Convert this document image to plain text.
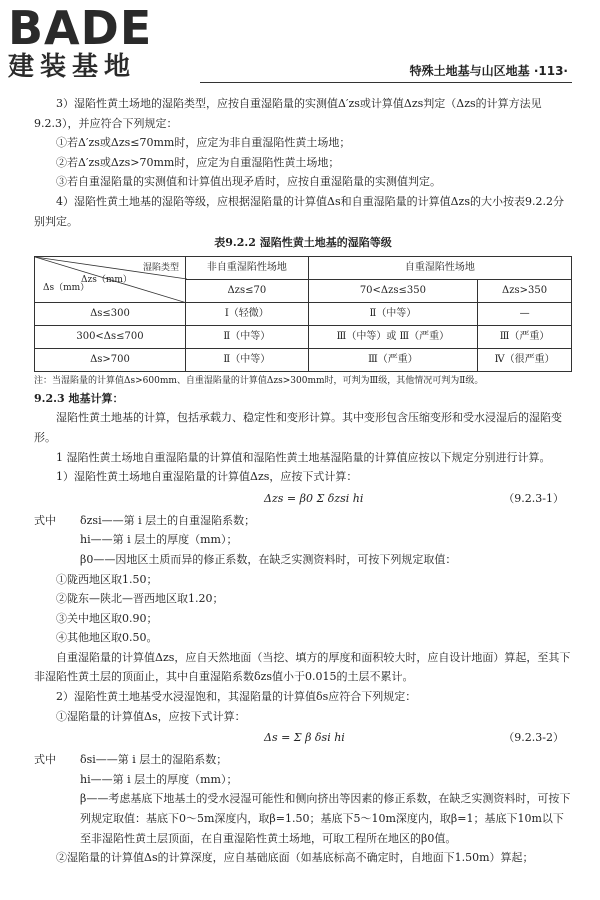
BADE
建装基地	特殊土地基与山区地基 ·113·

3）湿陷性黄土场地的湿陷类型，应按自重湿陷量的实测值Δ′zs或计算值Δzs判定（Δzs的计算方法见9.2.3），并应符合下列规定：

①若Δ′zs或Δzs≤70mm时，应定为非自重湿陷性黄土场地；

②若Δ′zs或Δzs>70mm时，应定为自重湿陷性黄土场地；

③若自重湿陷量的实测值和计算值出现矛盾时，应按自重湿陷量的实测值判定。

4）湿陷性黄土地基的湿陷等级，应根据湿陷量的计算值Δs和自重湿陷量的计算值Δzs的大小按表9.2.2分别判定。

表9.2.2 湿陷性黄土地基的湿陷等级
湿陷类型
Δzs（mm）
Δs（mm）	非自重湿陷性场地	自重湿陷性场地	
	Δzs≤70	70<Δzs≤350	Δzs>350
Δs≤300	Ⅰ（轻微）	Ⅱ（中等）	—
300<Δs≤700	Ⅱ（中等）	Ⅲ（中等）或 Ⅲ（严重）	Ⅲ（严重）
Δs>700	Ⅱ（中等）	Ⅲ（严重）	Ⅳ（很严重）

注：当湿陷量的计算值Δs>600mm、自重湿陷量的计算值Δzs>300mm时，可判为Ⅲ级，其他情况可判为Ⅱ级。

9.2.3 地基计算：

湿陷性黄土地基的计算，包括承载力、稳定性和变形计算。其中变形包含压缩变形和受水浸湿后的湿陷变形。

1 湿陷性黄土场地自重湿陷量的计算值和湿陷性黄土地基湿陷量的计算值应按以下规定分别进行计算。

1）湿陷性黄土场地自重湿陷量的计算值Δzs，应按下式计算：

Δzs = β0 Σ δzsi hi	（9.2.3-1）

式中 δzsi——第 i 层土的自重湿陷系数；

hi——第 i 层土的厚度（mm）；

β0——因地区土质而异的修正系数，在缺乏实测资料时，可按下列规定取值：

①陇西地区取1.50；

②陇东—陕北—晋西地区取1.20；

③关中地区取0.90；

④其他地区取0.50。

自重湿陷量的计算值Δzs，应自天然地面（当挖、填方的厚度和面积较大时，应自设计地面）算起，至其下非湿陷性黄土层的顶面止，其中自重湿陷系数δzs值小于0.015的土层不累计。

2）湿陷性黄土地基受水浸湿饱和，其湿陷量的计算值δs应符合下列规定：

①湿陷量的计算值Δs，应按下式计算：

Δs = Σ β δsi hi	（9.2.3-2）

式中 δsi——第 i 层土的湿陷系数；

hi——第 i 层土的厚度（mm）；

β——考虑基底下地基土的受水浸湿可能性和侧向挤出等因素的修正系数，在缺乏实测资料时，可按下列规定取值：基底下0～5m深度内，取β=1.50；基底下5～10m深度内，取β=1；基底下10m以下至非湿陷性黄土层顶面，在自重湿陷性黄土场地，可取工程所在地区的β0值。

②湿陷量的计算值Δs的计算深度，应自基础底面（如基底标高不确定时，自地面下1.50m）算起；
